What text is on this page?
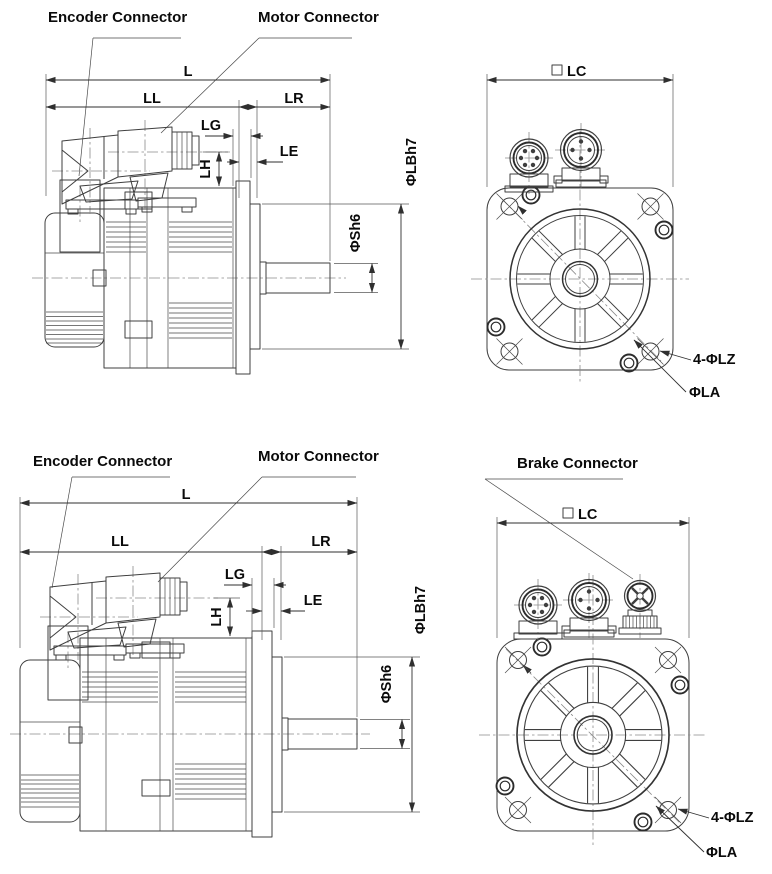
Encoder Connector	Motor Connector
L
LL	LR
LG
LE
LH	ΦLBh7
ΦSh6
LC
4-ΦLZ
ΦLA
Encoder Connector	Motor Connector	Brake Connector
L
LL	LR
LG
LE
LH	ΦLBh7
ΦSh6
LC
4-ΦLZ
ΦLA
